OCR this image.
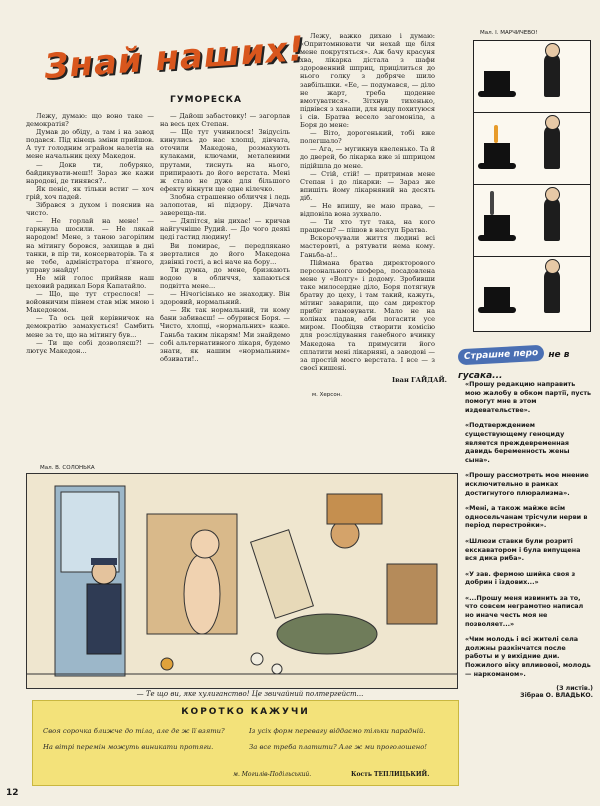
Знай наших!
ГУМОРЕСКА

Лежу, думаю: що воно таке — демократія?

Думав до обіду, а там і на завод подався. Під кінець зміни прийшов. А тут голодним зграйом налетів на мене начальник цеху Македон.

— Докв ти, лобуряко, байдикувати-меш!! Зараз же кажи народові, де тинявся?..

Як пеніс, як тільки встиг — хоч грій, хоч падей.

Зібрався з духом і пояснив на чисто.

— Не горлай на мене! — гаркнула шосили. — Не лякай народом! Мене, з таною загорілим на мітингу боровся, захищав в дні танки, в пір ти, консерваторів. Та я не тебе, адміністратора п'яного, управу знайду!

Не мій голос прийняв наш цеховий радикал Боря Капатайло.

— Що, ще тут стреслося! — войовничим півнем став між мною і Македоном.

— Та ось цей керівничок на демократію замахується! Самбить мене за те, що на мітингу був...

— Ти ще собі дозволяєш?! — лютує Македон...

— Дайош забастовку! — загорлав на весь цех Степан.

— Ще тут учинилося! Звідусіль кинулись до нас хлопці, дівчата, оточили Македона, розмахують кулаками, ключами, металевими прутами, тиснуть на нього, припирають до його верстата. Мені ж стало не дуже для більшого ефекту вікнути ще одне кілечко.

Злобна страшенно обличчя і ледь залопотав, ні підзору. Дівчата завереща-ли.

— Дяпітся, він дихає! — кричав найгучніше Рудий. — До чого деякі цеді гастид людину!

Ви помирає, — передлякано зверталися до його Македона дзвінкі гості, а всі наче на бору...

Ти думка, до мене, бризкають водою в обличчя, хапаються подвітта мене...

— Нічогісінько не знаходжу. Він здоровий, нормальний.

— Як так нормальний, ти кому бани забиваєш! — обурився Боря. — Чисто, хлопці, «нормальних» каже. Ганьба таким лікарям! Ми знайдемо собі альтернативного лікаря, будемо знати, як нашим «нормальним» обзивати!..

Лежу, важко дихаю і думаю: «Опритомнювати чи нехай ще біля мене покрутяться». Аж бачу красуня хва, лікарка дістала з шафи здоровенний шприц, прицілиться до нього голку з добряче шило завбільшки. «Ее, — подумався, — діло не жарт, треба щоденне вмотуватися». Зітхнув тихенько, підвівся з ханапи, для виду похитуюся і сів. Братва весело загомоніла, а Боря до мене:

— Віто, дорогенький, тобі вже полегшало?

— Ага, — мугикнув квеленько. Та й до дверей, бо лікарка вже зі шприцом підійшла до мене.

— Стій, стій! — притримав мене Степан і до лікарки: — Зараз же впишіть йому лікарняний на десять діб.

— Не впишу, не маю права, — відповіла вона зухвало.

— Ти хто тут така, на кого працюєш? — пішов в наступ Братва.

Вскорочували життя людині всі мастеровті, а рятувати нема кому. Ганьба-а!..

Піймана братва директорового персонального шофера, посадовлена мене у «Волгу» і додому. Зробивши таке милосердне діло, Боря потягнув братву до цеху, і там такий, кажуть, мітинг заварили, що сам директор прибіг втамовувати. Мало не на колінах падав, аби погасити усе миром. Пообіцяв створити комісію для розслідування ганебного вчинку Македона та примусити його сплатити мені лікарняні, а заводові — за простій моєго верстата. І все — з своєї кишені.

Іван ГАЙДАЙ.
м. Херсон.
Мал. І. МАРЧИЧЕВО!
Страшне перо не в гусака...

«Прошу редакцию направить мою жалобу в обком партії, пусть помогут мне в этом издевательстве».

«Подтверждением существующему геноциду является преждевременная давидь беременность жены сына».

«Прошу рассмотреть мое мнение исключительно в рамках достигнутого плюрализма».

«Мені, а також майже всім односельчанам трісчули нерви в період перестройки».

«Шлюзи ставки були розриті екскаватором і була випущена вся дика риба».

«У зав. фермою шийка своя з добрин і їздових...»

«...Прошу меня извинить за то, что совсем неграмотно написал но иначе честь моя не позволяет...»

«Чим молодь і всі жителі села должны разкінчатся после работы и у вихідние дни. Пожилого віку впливової, молодь — наркоманом».

(З листів.)
Зібрав О. ВЛАДЬКО.
Мал. В. СОЛОНЬКА
— Те що ви, яке хулиганство! Це звичайний полтергейст...
КОРОТКО КАЖУЧИ
Своя сорочка ближче до тіла, але де ж її взяти?	Із усіх форм перевагу віддаємо тільки парадній.
На вітрі перемін можуть виникати протяги.	За все треба платити? Але ж ми проголошено!
м. Могилів-Подільський.	Кость ТЕПЛИЦЬКИЙ.
12
